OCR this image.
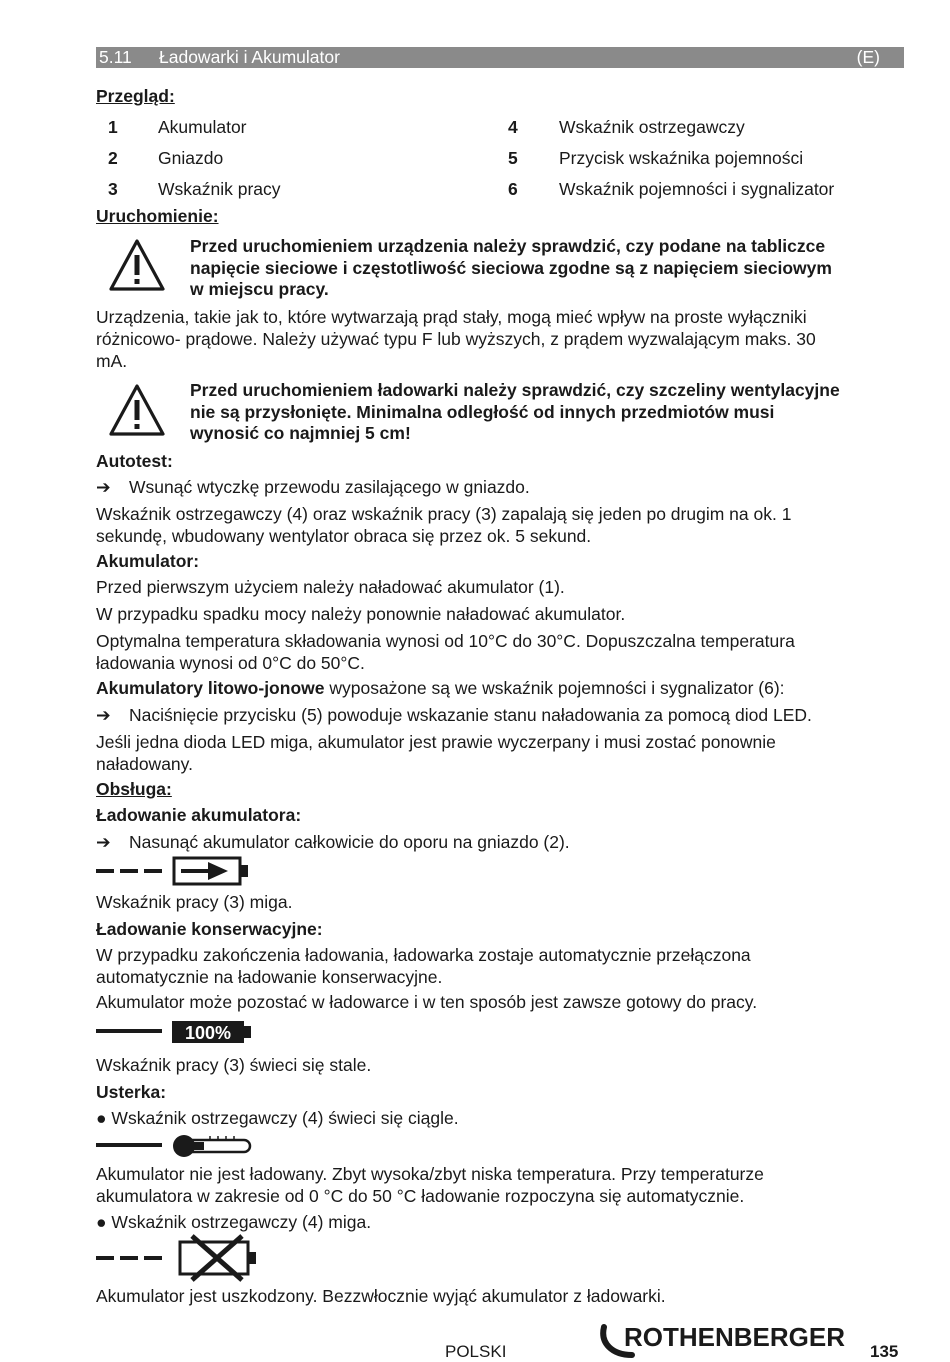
5.11 Ładowarki i Akumulator	(E)
Przegląd:
1 Akumulator
2 Gniazdo
3 Wskaźnik pracy
4 Wskaźnik ostrzegawczy
5 Przycisk wskaźnika pojemności
6 Wskaźnik pojemności i sygnalizator
Uruchomienie:
Przed uruchomieniem urządzenia należy sprawdzić, czy podane na tabliczce
napięcie sieciowe i częstotliwość sieciowa zgodne są z napięciem sieciowym
w miejscu pracy.
Urządzenia, takie jak to, które wytwarzają prąd stały, mogą mieć wpływ na proste wyłączniki
różnicowo- prądowe. Należy używać typu F lub wyższych, z prądem wyzwalającym maks. 30
mA.
Przed uruchomieniem ładowarki należy sprawdzić, czy szczeliny wentylacyjne
nie są przysłonięte. Minimalna odległość od innych przedmiotów musi
wynosić co najmniej 5 cm!
Autotest:
➔ Wsunąć wtyczkę przewodu zasilającego w gniazdo.
Wskaźnik ostrzegawczy (4) oraz wskaźnik pracy (3) zapalają się jeden po drugim na ok. 1
sekundę, wbudowany wentylator obraca się przez ok. 5 sekund.
Akumulator:
Przed pierwszym użyciem należy naładować akumulator (1).
W przypadku spadku mocy należy ponownie naładować akumulator.
Optymalna temperatura składowania wynosi od 10°C do 30°C. Dopuszczalna temperatura
ładowania wynosi od 0°C do 50°C.
Akumulatory litowo-jonowe wyposażone są we wskaźnik pojemności i sygnalizator (6):
➔ Naciśnięcie przycisku (5) powoduje wskazanie stanu naładowania za pomocą diod LED.
Jeśli jedna dioda LED miga, akumulator jest prawie wyczerpany i musi zostać ponownie
naładowany.
Obsługa:
Ładowanie akumulatora:
➔ Nasunąć akumulator całkowicie do oporu na gniazdo (2).
Wskaźnik pracy (3) miga.
Ładowanie konserwacyjne:
W przypadku zakończenia ładowania, ładowarka zostaje automatycznie przełączona
automatycznie na ładowanie konserwacyjne.
Akumulator może pozostać w ładowarce i w ten sposób jest zawsze gotowy do pracy.
100%
Wskaźnik pracy (3) świeci się stale.
Usterka:
● Wskaźnik ostrzegawczy (4) świeci się ciągle.
Akumulator nie jest ładowany. Zbyt wysoka/zbyt niska temperatura. Przy temperaturze
akumulatora w zakresie od 0 °C do 50 °C ładowanie rozpoczyna się automatycznie.
● Wskaźnik ostrzegawczy (4) miga.
Akumulator jest uszkodzony. Bezzwłocznie wyjąć akumulator z ładowarki.
POLSKI	ROTHENBERGER 135
